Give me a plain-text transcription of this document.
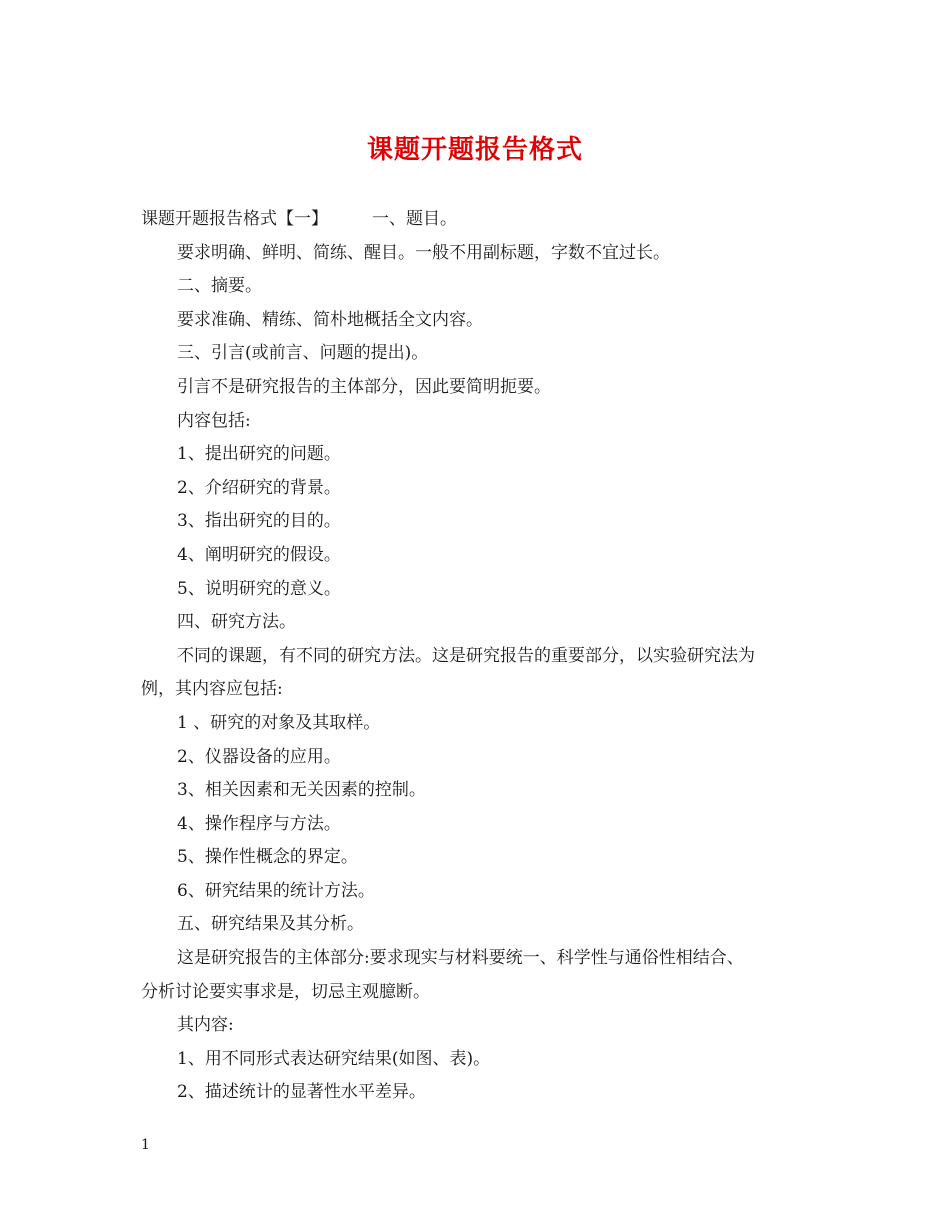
课题开题报告格式
课题开题报告格式【一】	一、题目。
要求明确、鲜明、简练、醒目。一般不用副标题，字数不宜过长。
二、摘要。
要求准确、精练、简朴地概括全文内容。
三、引言(或前言、问题的提出)。
引言不是研究报告的主体部分，因此要简明扼要。
内容包括:
1、提出研究的问题。
2、介绍研究的背景。
3、指出研究的目的。
4、阐明研究的假设。
5、说明研究的意义。
四、研究方法。
不同的课题，有不同的研究方法。这是研究报告的重要部分，以实验研究法为
例，其内容应包括:
1 、研究的对象及其取样。
2、仪器设备的应用。
3、相关因素和无关因素的控制。
4、操作程序与方法。
5、操作性概念的界定。
6、研究结果的统计方法。
五、研究结果及其分析。
这是研究报告的主体部分:要求现实与材料要统一、科学性与通俗性相结合、
分析讨论要实事求是，切忌主观臆断。
其内容:
1、用不同形式表达研究结果(如图、表)。
2、描述统计的显著性水平差异。
1
